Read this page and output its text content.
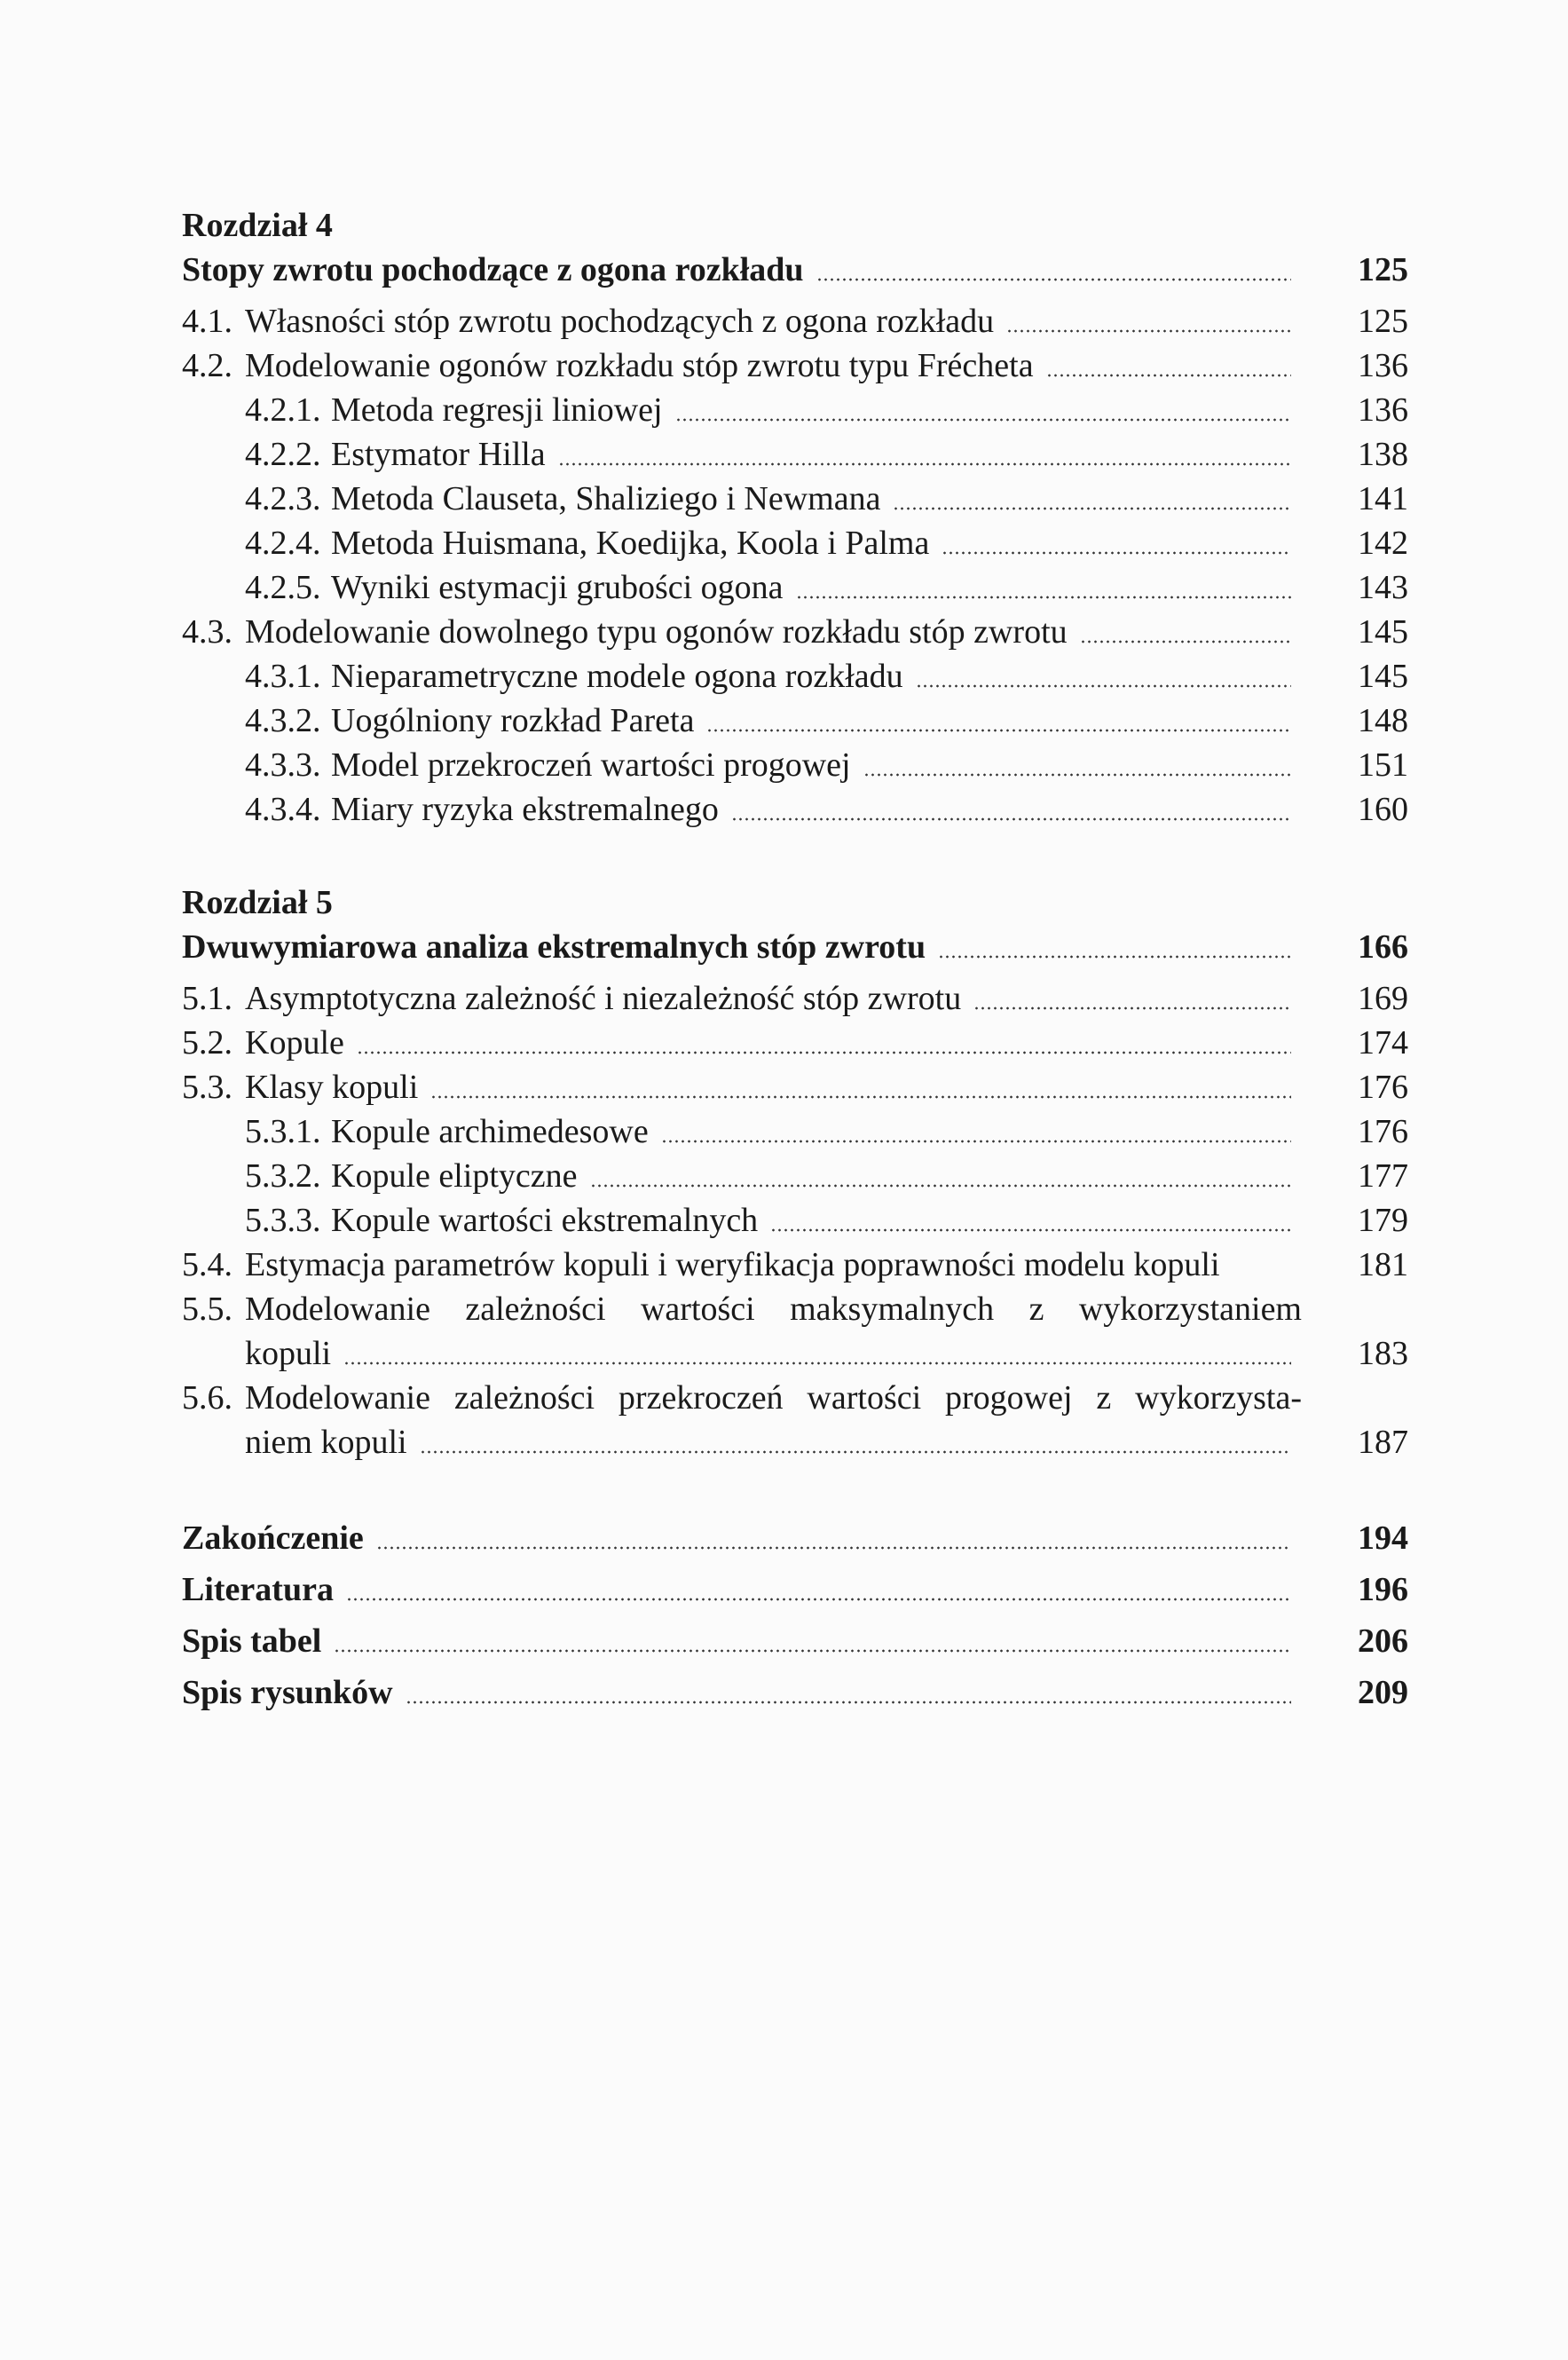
Rozdział 4
Stopy zwrotu pochodzące z ogona rozkładu	125
4.1. Własności stóp zwrotu pochodzących z ogona rozkładu	125
4.2. Modelowanie ogonów rozkładu stóp zwrotu typu Frécheta	136
4.2.1. Metoda regresji liniowej	136
4.2.2. Estymator Hilla	138
4.2.3. Metoda Clauseta, Shaliziego i Newmana	141
4.2.4. Metoda Huismana, Koedijka, Koola i Palma	142
4.2.5. Wyniki estymacji grubości ogona	143
4.3. Modelowanie dowolnego typu ogonów rozkładu stóp zwrotu	145
4.3.1. Nieparametryczne modele ogona rozkładu	145
4.3.2. Uogólniony rozkład Pareta	148
4.3.3. Model przekroczeń wartości progowej	151
4.3.4. Miary ryzyka ekstremalnego	160
Rozdział 5
Dwuwymiarowa analiza ekstremalnych stóp zwrotu	166
5.1. Asymptotyczna zależność i niezależność stóp zwrotu	169
5.2. Kopule	174
5.3. Klasy kopuli	176
5.3.1. Kopule archimedesowe	176
5.3.2. Kopule eliptyczne	177
5.3.3. Kopule wartości ekstremalnych	179
5.4. Estymacja parametrów kopuli i weryfikacja poprawności modelu kopuli	181
5.5. Modelowanie zależności wartości maksymalnych z wykorzystaniem
kopuli	183
5.6. Modelowanie zależności przekroczeń wartości progowej z wykorzysta-
niem kopuli	187
Zakończenie	194
Literatura	196
Spis tabel	206
Spis rysunków	209
